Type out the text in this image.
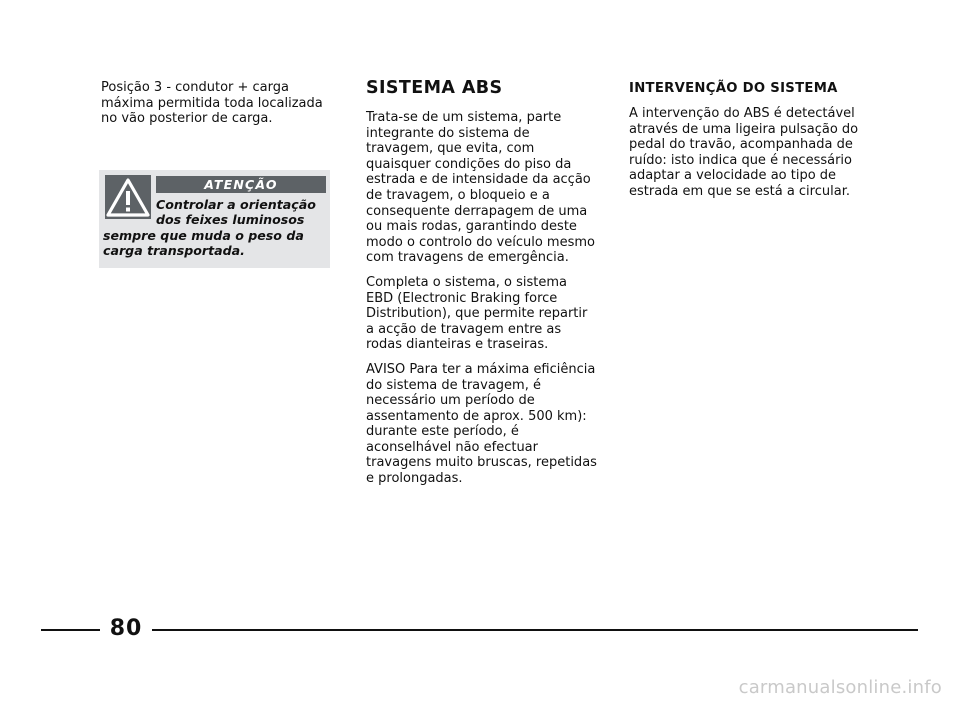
Posição 3 - condutor + carga máxima permitida toda localizada no vão posterior de carga.

ATENÇÃO
Controlar a orientação dos feixes luminosos sempre que muda o peso da carga transportada.
SISTEMA ABS

Trata-se de um sistema, parte integrante do sistema de travagem, que evita, com quaisquer condições do piso da estrada e de intensidade da acção de travagem, o bloqueio e a consequente derrapagem de uma ou mais rodas, garantindo deste modo o controlo do veículo mesmo com travagens de emergência.

Completa o sistema, o sistema EBD (Electronic Braking force Distribution), que permite repartir a acção de travagem entre as rodas dianteiras e traseiras.

AVISO Para ter a máxima eficiência do sistema de travagem, é necessário um período de assentamento de aprox. 500 km): durante este período, é aconselhável não efectuar travagens muito bruscas, repetidas e prolongadas.

INTERVENÇÃO DO SISTEMA

A intervenção do ABS é detectável através de uma ligeira pulsação do pedal do travão, acompanhada de ruído: isto indica que é necessário adaptar a velocidade ao tipo de estrada em que se está a circular.

80
carmanualsonline.info
